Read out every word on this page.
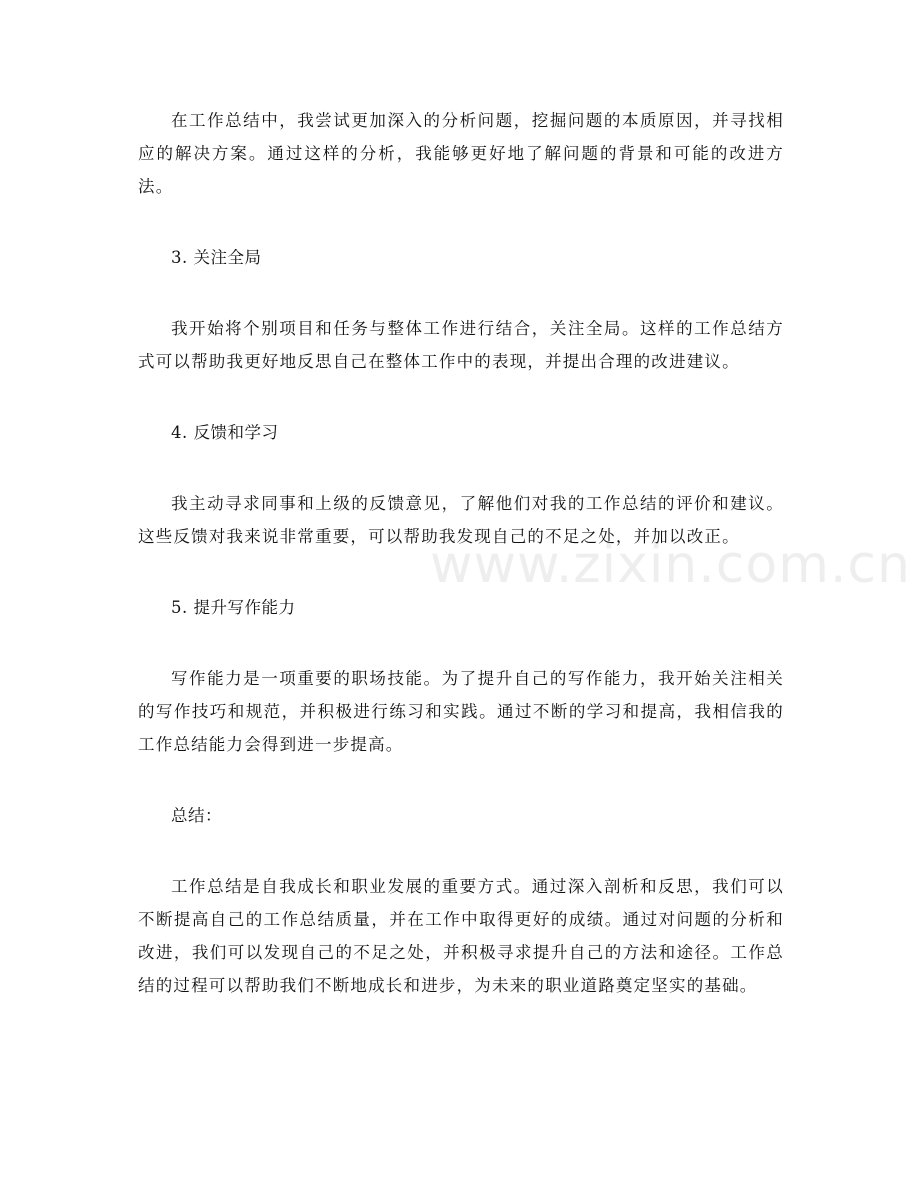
在工作总结中，我尝试更加深入的分析问题，挖掘问题的本质原因，并寻找相应的解决方案。通过这样的分析，我能够更好地了解问题的背景和可能的改进方法。

3. 关注全局

我开始将个别项目和任务与整体工作进行结合，关注全局。这样的工作总结方式可以帮助我更好地反思自己在整体工作中的表现，并提出合理的改进建议。

4. 反馈和学习

我主动寻求同事和上级的反馈意见，了解他们对我的工作总结的评价和建议。这些反馈对我来说非常重要，可以帮助我发现自己的不足之处，并加以改正。

5. 提升写作能力

写作能力是一项重要的职场技能。为了提升自己的写作能力，我开始关注相关的写作技巧和规范，并积极进行练习和实践。通过不断的学习和提高，我相信我的工作总结能力会得到进一步提高。

总结：

工作总结是自我成长和职业发展的重要方式。通过深入剖析和反思，我们可以不断提高自己的工作总结质量，并在工作中取得更好的成绩。通过对问题的分析和改进，我们可以发现自己的不足之处，并积极寻求提升自己的方法和途径。工作总结的过程可以帮助我们不断地成长和进步，为未来的职业道路奠定坚实的基础。

www.zixin.com.cn
